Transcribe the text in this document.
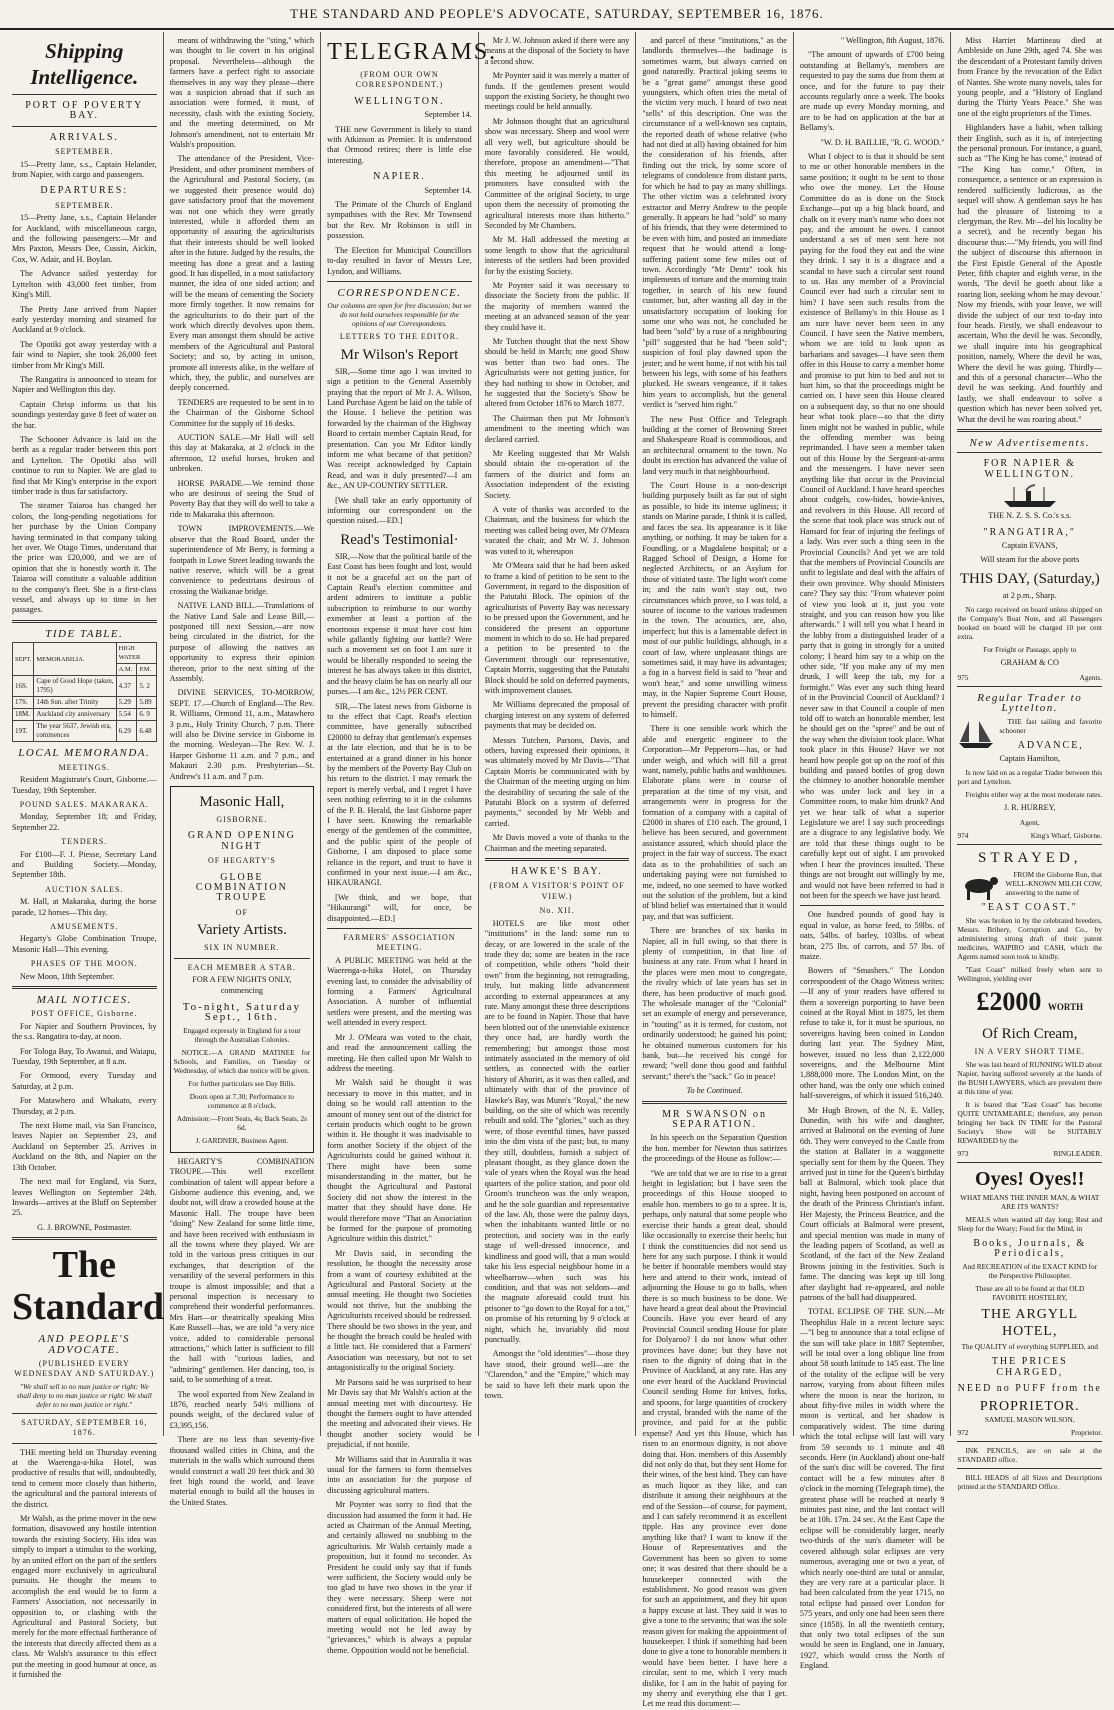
THE STANDARD AND PEOPLE'S ADVOCATE, SATURDAY, SEPTEMBER 16, 1876.
Shipping Intelligence.
PORT OF POVERTY BAY.
ARRIVALS.
SEPTEMBER.

15—Pretty Jane, s.s., Captain Helander, from Napier, with cargo and passengers.

DEPARTURES:
SEPTEMBER.

15—Pretty Jane, s.s., Captain Helander for Auckland, with miscellaneous cargo, and the following passengers:—Mr and Mrs Paxton, Messrs Dee, Cussin, Aickin, Cox, W. Adair, and H. Boylan.

The Advance sailed yesterday for Lyttelton with 43,000 feet timber, from King's Mill.

The Pretty Jane arrived from Napier early yesterday morning and steamed for Auckland at 9 o'clock.

The Opotiki got away yesterday with a fair wind to Napier, she took 26,000 feet timber from Mr King's Mill.

The Rangatira is announced to steam for Napier and Wellington this day.

Captain Chrisp informs us that his soundings yesterday gave 8 feet of water on the bar.

The Schooner Advance is laid on the berth as a regular trader between this port and Lyttelton. The Opotiki also will continue to run to Napier. We are glad to find that Mr King's enterprise in the export timber trade is thus far satisfactory.

The steamer Taiaroa has changed her colors, the long-pending negotiations for her purchase by the Union Company having terminated in that company taking her over. We Otago Times, understand that the price was £20,000, and we are of opinion that she is honestly worth it. The Taiaroa will constitute a valuable addition to the company's fleet. She is a first-class vessel, and always up to time in her passages.

TIDE TABLE.
SEPT.	MEMORABILIA.	HIGH WATER	
		A.M.	P.M.
16S.	Cape of Good Hope (taken, 1795)	4.37	5. 2
17S.	14th Sun. after Trinity	5.29	5.89
18M.	Auckland city anniversary	5.54	6. 9
19T.	The year 5637, Jewish era, commences	6.29	6.48
LOCAL MEMORANDA.
MEETINGS.

Resident Magistrate's Court, Gisborne.—Tuesday, 19th September.

POUND SALES. MAKARAKA.

Monday, September 18; and Friday, September 22.

TENDERS.

For £100—F. J. Piesse, Secretary Land and Building Society.—Monday, September 18th.

AUCTION SALES.

M. Hall, at Makaraka, during the horse parade, 12 horses—This day.

AMUSEMENTS.

Hegarty's Globe Combination Troupe, Masonic Hall—This evening.

PHASES OF THE MOON.

New Moon, 18th September.

MAIL NOTICES.
POST OFFICE, Gisborne.

For Napier and Southern Provinces, by the s.s. Rangatira to-day, at noon.

For Tologa Bay, To Awanui, and Waiapu, Tuesday, 19th September, at 8 a.m.

For Ormond, every Tuesday and Saturday, at 2 p.m.

For Matawhero and Whakato, every Thursday, at 2 p.m.

The next Home mail, via San Francisco, leaves Napier on September 23, and Auckland on September 25. Arrives in Auckland on the 8th, and Napier on the 13th October.

The next mail for England, via Suez, leaves Wellington on September 24th. Inwards—arrives at the Bluff on September 25.

G. J. BROWNE, Postmaster.

The Standard
AND PEOPLE'S ADVOCATE.
(PUBLISHED EVERY WEDNESDAY AND SATURDAY.)

"We shall sell to no man justice or right: We shall deny to no man justice or right: We shall defer to no man justice or right."

SATURDAY, SEPTEMBER 16, 1876.

THE meeting held on Thursday evening at the Waerenga-a-hika Hotel, was productive of results that will, undoubtedly, tend to cement more closely than hitherto, the agricultural and the pastoral interests of the district.

Mr Walsh, as the prime mover in the new formation, disavowed any hostile intention towards the existing Society. His idea was simply to impart a stimulus to the working, by an united effort on the part of the settlers engaged more exclusively in agricultural pursuits. He thought the means to accomplish the end would be to form a Farmers' Association, not necessarily in opposition to, or clashing with the Agricultural and Pastoral Society, but merely for the more effectual furtherance of the interests that directly affected them as a class. Mr Walsh's assurance to this effect put the meeting in good humour at once, as it furnished the

means of withdrawing the "sting," which was thought to lie covert in his original proposal. Nevertheless—although the farmers have a perfect right to associate themselves in any way they please—there was a suspicion abroad that if such an association were formed, it must, of necessity, clash with the existing Society, and the meeting determined, on Mr Johnson's amendment, not to entertain Mr Walsh's proposition.

The attendance of the President, Vice-President, and other prominent members of the Agricultural and Pastoral Society, (as we suggested their presence would do) gave satisfactory proof that the movement was not one which they were greatly interested, while it afforded them an opportunity of assuring the agriculturists that their interests should be well looked after in the future. Judged by the results, the meeting has done a great and a lasting good. It has dispelled, in a most satisfactory manner, the idea of one sided action; and will be the means of cementing the Society more firmly together. It now remains for the agriculturists to do their part of the work which directly devolves upon them. Every man amongst them should be active members of the Agricultural and Pastoral Society; and so, by acting in unison, promote all interests alike, in the welfare of which, they, the public, and ourselves are deeply concerned.

TENDERS are requested to be sent in to the Chairman of the Gisborne School Committee for the supply of 16 desks.

AUCTION SALE.—Mr Hall will sell this day at Makaraka, at 2 o'clock in the afternoon, 12 useful horses, broken and unbroken.

HORSE PARADE.—We remind those who are desirous of seeing the Stud of Poverty Bay that they will do well to take a ride to Makaraka this afternoon.

TOWN IMPROVEMENTS.—We observe that the Road Board, under the superintendence of Mr Berry, is forming a footpath in Lowe Street leading towards the native reserve, which will be a great convenience to pedestrians desirous of crossing the Waikanae bridge.

NATIVE LAND BILL.—Translations of the Native Land Sale and Lease Bill,—postponed till next Session,—are now being circulated in the district, for the purpose of allowing the natives an opportunity to express their opinion thereon, prior to the next sitting of the Assembly.

DIVINE SERVICES, TO-MORROW, SEPT. 17.—Church of England—The Rev. R. Williams, Ormond 11, a.m., Matawhero 3 p.m., Holy Trinity Church, 7 p.m. There will also be Divine service in Gisborne in the morning. Wesleyan—The Rev. W. J. Harper Gisborne 11 a.m. and 7 p.m., and Makauri 2.30 p.m. Presbyterian—St. Andrew's 11 a.m. and 7 p.m.

Masonic Hall,
GISBORNE.
GRAND OPENING NIGHT
OF HEGARTY'S
GLOBE COMBINATION TROUPE
OF
Variety Artists.
SIX IN NUMBER.
EACH MEMBER A STAR.

FOR A FEW NIGHTS ONLY, commencing

To-night, Saturday Sept., 16th.

Engaged expressly in England for a tour through the Australian Colonies.

NOTICE.—A GRAND MATINEE for Schools, and Families, on Tuesday or Wednesday, of which due notice will be given.

For further particulars see Day Bills.

Doors open at 7.30; Performance to commence at 8 o'clock.

Admission:—Front Seats, 4s; Back Seats, 2s 6d.

J. GARDNER, Business Agent.

HEGARTY'S COMBINATION TROUPE.—This well excellent combination of talent will appear before a Gisborne audience this evening, and, we doubt not, will draw a crowded house at the Masonic Hall. The troupe have been "doing" New Zealand for some little time, and have been received with enthusiasm in all the towns where they played. We are told in the various press critiques in our exchanges, that description of the versatility of the several performers in this troupe is almost impossible; and that a personal inspection is necessary to comprehend their wonderful performances. Mrs Hart—or theatrically speaking Miss Kate Russell—has, we are told "a very nice voice, added to considerable personal attractions," which latter is sufficient to fill the hall with "curious ladies, and "admiring" gentlemen. Her dancing, too, is said, to be something of a treat.

The wool exported from New Zealand in 1876, reached nearly 54½ millions of pounds weight, of the declared value of £3,395,156.

There are no less than seventy-five thousand walled cities in China, and the materials in the walls which surround them would construct a wall 20 feet thick and 30 feet high round the world, and leave material enough to build all the houses in the United States.

TELEGRAMS.
(FROM OUR OWN CORRESPONDENT.)
WELLINGTON.

September 14.

THE new Government is likely to stand with Atkinson as Premier. It is understood that Ormond retires; there is little else interesting.

NAPIER.

September 14.

The Primate of the Church of England sympathises with the Rev. Mr Townsend but the Rev. Mr Robinson is still in possession.

The Election for Municipal Councillors to-day resulted in favor of Messrs Lee, Lyndon, and Williams.

CORRESPONDENCE.

Our columns are open for free discussion; but we do not hold ourselves responsible for the opinions of our Correspondents.

LETTERS TO THE EDITOR.
Mr Wilson's Report

SIR,—Some time ago I was invited to sign a petition to the General Assembly praying that the report of Mr J. A. Wilson, Land Purchase Agent be laid on the table of the House. I believe the petition was forwarded by the chairman of the Highway Board to certain member Captain Read, for presentation. Can you Mr Editor kindly inform me what became of that petition? Was receipt acknowledged by Captain Read, and was it duly presented?—I am &c., AN UP-COUNTRY SETTLER.

[We shall take an early opportunity of informing our correspondent on the question raised.—ED.]

Read's Testimonial·

SIR,—Now that the political battle of the East Coast has been fought and lost, would it not be a graceful act on the part of Captain Read's election committee and ardent admirers to institute a public subscription to reimburse to our worthy exmember at least a portion of the enormous expense it must have cost him while gallantly fighting our battle? Were such a movement set on foot I am sure it would be liberally responded to seeing the interest he has always taken in this district, and the heavy claim he has on nearly all our purses.—I am &c., 12½ PER CENT.

SIR,—The latest news from Gisborne is to the effect that Capt. Read's election committee, have generally subscribed £20000 to defray that gentleman's expenses at the late election, and that he is to be entertained at a grand dinner in his honor by the members of the Poverty Bay Club on his return to the district. I may remark the report is merely verbal, and I regret I have seen nothing referring to it in the columns of the P. B. Herald, the last Gisborne paper I have seen. Knowing the remarkable energy of the gentlemen of the committee, and the public spirit of the people of Gisborne, I am disposed to place some reliance in the report, and trust to have it confirmed in your next issue.—I am &c., HIKAURANGI.

[We think, and we hope, that "Hikaurangi" will, for once, be disappointed.—ED.]

FARMERS' ASSOCIATION MEETING.

A PUBLIC MEETING was held at the Waerenga-a-hika Hotel, on Thursday evening last, to consider the advisability of forming a Farmers' Agricultural Association. A number of influential settlers were present, and the meeting was well attended in every respect.

Mr J. O'Meara was voted to the chair, and read the announcement calling the meeting. He then called upon Mr Walsh to address the meeting.

Mr Walsh said he thought it was necessary to move in this matter, and in doing so he would call attention to the amount of money sent out of the district for certain products which ought to be grown within it. He thought it was inadvisable to form another Society if the object of the Agriculturists could be gained without it. There might have been some misunderstanding in the matter, but he thought the Agricultural and Pastoral Society did not show the interest in the matter that they should have done. He would therefore move "That an Association be formed for the purpose of promoting Agriculture within this district."

Mr Davis said, in seconding the resolution, he thought the necessity arose from a want of courtesy exhibited at the Agricultural and Pastoral Society at the annual meeting. He thought two Societies would not thrive, but the snubbing the Agriculturists received should be redressed. There should be two shows in the year, and he thought the breach could be healed with a little tact. He considered that a Farmers' Association was necessary, but not to set antagonistically to the original Society.

Mr Parsons said he was surprised to hear Mr Davis say that Mr Walsh's action at the annual meeting met with discourtesy. He thought the farmers ought to have attended the meeting and advocated their views. He thought another society would be prejudicial, if not hostile.

Mr Williams said that in Australia it was usual for the farmers to form themselves into an association for the purpose of discussing agricultural matters.

Mr Poynter was sorry to find that the discussion had assumed the form it had. He acted as Chairman of the Annual Meeting, and certainly allowed no snubbing to the agriculturists. Mr Walsh certainly made a proposition, but it found no seconder. As President he could only say that if funds were sufficient, the Society would only be too glad to have two shows in the year if they were necessary. Sheep were not considered first, but the interests of all were matters of equal solicitation. He hoped the meeting would not be led away by "grievances," which is always a popular theme. Opposition would not be beneficial.

Mr J. W. Johnson asked if there were any means at the disposal of the Society to have a second show.

Mr Poynter said it was merely a matter of funds. If the gentlemen present would support the existing Society, he thought two meetings could be held annually.

Mr Johnson thought that an agricultural show was necessary. Sheep and wool were all very well, but agriculture should be more favorably considered. He would, therefore, propose an amendment—"That this meeting be adjourned until its promoters have consulted with the Committee of the original Society, to urge upon them the necessity of promoting the agricultural interests more than hitherto." Seconded by Mr Chambers.

Mr M. Hall addressed the meeting at some length to show that the agricultural interests of the settlers had been provided for by the existing Society.

Mr Poynter said it was necessary to dissociate the Society from the public. If the majority of members wanted the meeting at an advanced season of the year they could have it.

Mr Tutchen thought that the next Show should be held in March; one good Show was better than two bad ones. The Agriculturists were not getting justice, for they had nothing to show in October, and he suggested that the Society's Show be altered from October 1876 to March 1877.

The Chairman then put Mr Johnson's amendment to the meeting which was declared carried.

Mr Keeling suggested that Mr Walsh should obtain the co-operation of the farmers of the district and form an Association independent of the existing Society.

A vote of thanks was accorded to the Chairman, and the business for which the meeting was called being over, Mr O'Meara vacated the chair, and Mr W. J. Johnson was voted to it, whereupon

Mr O'Meara said that he had been asked to frame a kind of petition to be sent to the Government, in regard to the disposition of the Patutahi Block. The opinion of the agriculturists of Poverty Bay was necessary to be pressed upon the Government, and he considered the present an opportune moment in which to do so. He had prepared a petition to be presented to the Government through our representative, Captain Morris, suggesting that the Patutahi Block should be sold on deferred payments, with improvement clauses.

Mr Williams deprecated the proposal of charging interest on any system of deferred payments that may be decided on.

Messrs Tutchen, Parsons, Davis, and others, having expressed their opinions, it was ultimately moved by Mr Davis—"That Captain Morris be communicated with by the Chairman of the meeting urging on him the desirability of securing the sale of the Patutahi Block on a system of deferred payments," seconded by Mr Webb and carried.

Mr Davis moved a vote of thanks to the Chairman and the meeting separated.

HAWKE'S BAY.
(FROM A VISITOR'S POINT OF VIEW.)
No. XII.

HOTELS are like most other "institutions" in the land: some run to decay, or are lowered in the scale of the trade they do; some are beaten in the race of competition, while others "hold their own" from the beginning, not retrograding, truly, but making little advancement according to external appearances at any rate. Many amongst these three descriptions are to be found in Napier. Those that have been blotted out of the unenviable existence they once had, are hardly worth the remembering; but amongst those most intimately associated in the memory of old settlers, as connected with the earlier history of Ahuriri, as it was then called, and ultimately with that of the province of Hawke's Bay, was Munn's "Royal," the new building, on the site of which was recently rebuilt and sold. The "glories," such as they were, of those eventful times, have passed into the dim vista of the past; but, to many they still, doubtless, furnish a subject of pleasant thought, as they glance down the vale of years when the Royal was the head quarters of the police station, and poor old Groom's truncheon was the only weapon, and he the sole guardian and representative of the law. Ah, those were the palmy days, when the inhabitants wanted little or no protection, and society was in the early stage of well-dressed innocence, and kindliness and good will, that a man would take his less especial neighbour home in a wheelbarrow—when such was his condition, and that was not seldom—and the magnate aforesaid could trust his prisoner to "go down to the Royal for a tot," on promise of his returning by 9 o'clock at night, which he, invariably did most punctually.

Amongst the "old identities"—those they have stood, their ground well—are the "Clarendon," and the "Empire," which may be said to have left their mark upon the town.

and parcel of these "institutions," as the landlords themselves—the badinage is sometimes warm, but always carried on good naturedly. Practical joking seems to be a "great game" amongst these good youngsters, which often tries the metal of the victim very much. I heard of two neat "sells" of this description. One was the circumstance of a well-known sea captain, the reported death of whose relative (who had not died at all) having obtained for him the consideration of his friends, after finding out the trick, by some score of telegrams of condolence from distant parts, for which he had to pay as many shillings. The other victim was a celebrated ivory extractor and Merry Andrew to the people generally. It appears he had "sold" so many of his friends, that they were determined to be even with him, and posted an immediate request that he would attend a long-suffering patient some few miles out of town. Accordingly "Mr Dentz" took his implements of torture and the morning train together, in search of his new found customer, but, after wasting all day in the unsatisfactory occupation of looking for some one who was not, he concluded he had been "sold" by a ruse of a neighbouring "pill" suggested that he had "been sold"; suspicion of foul play dawned upon the jester; and he went home, if not with his tail between his legs, with some of his feathers plucked. He swears vengeance, if it takes him years to accomplish, but the general verdict is "served him right."

The new Post Office and Telegraph building at the corner of Browning Street and Shakespeare Road is commodious, and an architectural ornament to the town. No doubt its erection has advanced the value of land very much in that neighbourhood.

The Court House is a non-descript building purposely built as far out of sight as possible, to hide its intense ugliness; it stands on Marine parade, I think it is called, and faces the sea. Its appearance is it like anything, or nothing. It may be taken for a Foundling, or a Magdalene hospital; or a Ragged School of Design, a Home for neglected Architects, or an Asylum for those of vitiated taste. The light won't come in; and the rain won't stay out, two circumstances which prove, so I was told, a source of income to the various tradesmen in the town. The acoustics, are, also, imperfect; but this is a lamentable defect in most of our public buildings, although, in a court of law, where unpleasant things are sometimes said, it may have its advantages; a fog in a harvest field is said to "hear and won't hear," and some unwilling witness may, in the Napier Supreme Court House, prevent the presiding character with profit to himself.

There is one sensible work which the able and energetic engineer to the Corporation—Mr Pepperorn—has, or had under weigh, and which will fill a great want, namely, public baths and washhouses. Elaborate plans were in course of preparation at the time of my visit, and arrangements were in progress for the formation of a company with a capital of £2000 in shares of £10 each. The ground, I believe has been secured, and government assistance assured, which should place the project in the fair way of success. The exact data as to the probabilities of such an undertaking paying were not furnished to me, indeed, no one seemed to have worked out the solution of the problem, but a kind of blind belief was entertained that it would pay, and that was sufficient.

There are branches of six banks in Napier, all in full swing, so that there is plenty of competition, in that line of business at any rate. From what I heard in the places were men most to congregate, the rivalry which of late years has set in there, has been productive of much good. The wholesale manager of the "Colonial" set an example of energy and perseverance, in "touting" as it is termed, for custom, not ordinarily understood; he gained his point; he obtained numerous customers for his bank, but—he received his congé for reward; "well done thou good and faithful servant;" there's the "sack." Go in peace!

To be Continued.

MR SWANSON on SEPARATION.

In his speech on the Separation Question the hon. member for Newton thus satirizes the proceedings of the House as follow:—

"We are told that we are to rise to a great height in legislation; but I have seen the proceedings of this House stooped to enable hon. members to go to a spree. It is, perhaps, only natural that some people who exercise their hands a great deal, should like occasionally to exercise their heels; but I think the constituencies did not send us here for any such purpose. I think it would be better if honorable members would stay here and attend to their work, instead of adjourning the House to go to balls, when there is so much business to be done. We have heard a great deal about the Provincial Councils. Have you ever heard of any Provincial Council sending House for plate for Dolyaroo? I do not know what other provinces have done; but they have not risen to the dignity of doing that in the Province of Auckland, at any rate. Has any one ever heard of the Auckland Provincial Council sending Home for knives, forks, and spoons, for large quantities of crockery and crystal, branded with the name of the province, and paid for at the public expense? And yet this House, which has risen to an enormous dignity, is not above doing that. Hon. members of this Assembly did not only do that, but they sent Home for their wines, of the best kind. They can have as much liquor as they like, and can distribute it among their neighbours at the end of the Session—of course, for payment, and I can safely recommend it as excellent tipple. Has any province ever done anything like that? I want to know if the House of Representatives and the Government has been so given to some one; it was desired that there should be a housekeeper connected with the establishment. No good reason was given for such an appointment, and they hit upon a happy excuse at last. They said it was to give a tone to the servants; that was the sole reason given for making the appointment of housekeeper. I think if something had been done to give a tone to honorable members it would have been better. I have here a circular, sent to me, which I very much dislike, for I am in the habit of paying for my sherry and everything else that I get. Let me read this document:—

" Wellington, 8th August, 1876.

"The amount of upwards of £700 being outstanding at Bellamy's, members are requested to pay the sums due from them at once, and for the future to pay their accounts regularly once a week. The books are made up every Monday morning, and are to be had on application at the bar at Bellamy's.

"W. D. H. BAILLIE, "R. G. WOOD."

What I object to is that it should be sent to me or other honorable members in the same position; it ought to be sent to those who owe the money. Let the House Committee do as is done on the Stock Exchange—put up a big black board, and chalk on it every man's name who does not pay, and the amount he owes. I cannot understand a set of men sent here not paying for the food they eat and the wine they drink. I say it is a disgrace and a scandal to have such a circular sent round to us. Has any member of a Provincial Council ever had such a circular sent to him? I have seen such results from the existence of Bellamy's in this House as I am sure have never been seen in any Council. I have seen the Native members, whom we are told to look upon as barbarians and savages—I have seen them offer in this House to carry a member home and promise to put him to bed and not to hurt him, so that the proceedings might be carried on. I have seen this House cleared on a subsequent day, so that no one should hear what took place—so that the dirty linen might not be washed in public, while the offending member was being reprimanded. I have seen a member taken out of this House by the Sergeant-at-arms and the messengers. I have never seen anything like that occur in the Provincial Council of Auckland. I have heard speeches about cudgels, cow-hides, bowie-knives, and revolvers in this House. All record of the scene that took place was struck out of Hansard for fear of injuring the feelings of a lady. Was ever such a thing seen in the Provincial Councils? And yet we are told that the members of Provincial Councils are unfit to legislate and deal with the affairs of their own province. Why should Ministers care? They say this: "From whatever point of view you look at it, just you vote straight, and you can reason how you like afterwards." I will tell you what I heard in the lobby from a distinguished leader of a party that is going in strongly for a united colony; I heard him say to a whip on the other side, "If you make any of my men drunk, I will keep the tab, my for a fortnight." Was ever any such thing heard of in the Provincial Council of Auckland? I never saw in that Council a couple of men told off to watch an honorable member, lest he should get on the "spree" and be out of the way when the division took place. What took place in this House? Have we not heard how people got up on the roof of this building and passed bottles of grog down the chimney to another honorable member who was under lock and key in a Committee room, to make him drunk? And yet we hear talk of what a superior Legislature we are! I say such proceedings are a disgrace to any legislative body. We are told that these things ought to be carefully kept out of sight. I am provoked when I hear the provinces insulted. These things are not brought out willingly by me, and would not have been referred to had it not been for the speech we have just heard.

One hundred pounds of good hay is equal in value, as horse feed, to 59lbs. of oats, 54lbs. of barley, 103lbs. of wheat bran, 275 lbs. of carrots, and 57 lbs. of maize.

Bowers of "Smashers." The London correspondent of the Otago Witness writes:—If any of your readers have offered to them a sovereign purporting to have been coined at the Royal Mint in 1875, let them refuse to take it, for it must be spurious, no sovereigns having been coined in London during last year. The Sydney Mint, however, issued no less than 2,122,000 sovereigns, and the Melbourne Mint 1,888,000 more. The London Mint, on the other hand, was the only one which coined half-sovereigns, of which it issued 516,240.

Mr Hugh Brown, of the N. E. Valley, Dunedin, with his wife and daughter, arrived at Balmoral on the evening of June 6th. They were conveyed to the Castle from the station at Ballater in a waggonette specially sent for them by the Queen. They arrived just in time for the Queen's birthday ball at Balmoral, which took place that night, having been postponed on account of the death of the Princess Christian's infant. Her Majesty, the Princess Beatrice, and the Court officials at Balmoral were present, and special mention was made in many of the leading papers of Scotland, as well as Scotland, of the fact of the New Zealand Browns joining in the festivities. Such is fame. The dancing was kept up till long after daylight had re-appeared, and noble patrons of the ball had disappeared.

TOTAL ECLIPSE OF THE SUN.—Mr Theophilus Hale in a recent lecture says:—"I beg to announce that a total eclipse of the sun will take place in 1887 September, will be total over a long oblique line from about 58 south latitude to 145 east. The line of the totality of the eclipse will be very narrow, varying from about fifteen miles where the moon is near the horizon, to about fifty-five miles in width where the moon is vertical, and her shadow is comparatively widest. The time during which the total eclipse will last will vary from 59 seconds to 1 minute and 48 seconds. Here (in Auckland) about one-half of the sun's disc will be covered. The first contact will be a few minutes after 8 o'clock in the morning (Telegraph time), the greatest phase will be reached at nearly 9 minutes past nine, and the last contact will be at 10h. 17m. 24 sec. At the East Cape the eclipse will be considerably larger, nearly two-thirds of the sun's diameter will be covered although solar eclipses are very numerous, averaging one or two a year, of which nearly one-third are total or annular, they are very rare at a particular place. It had been calculated from the year 1715, no total eclipse had passed over London for 575 years, and only one had been seen there since (1858). In all the twentieth century, that only two total eclipses of the sun would be seen in England, one in January, 1927, which would cross the North of England.

Miss Harriet Martineau died at Ambleside on June 29th, aged 74. She was the descendant of a Protestant family driven from France by the revocation of the Edict of Nantes. She wrote many novels, tales for young people, and a "History of England during the Thirty Years Peace." She was one of the eight proprietors of the Times.

Highlanders have a habit, when talking their English, such as it is, of interjecting the personal pronoun. For instance, a guard, such as "The King he has come," instead of "The King has come." Often, in consequence, a sentence or an expression is rendered sufficiently ludicrous, as the sequel will show. A gentleman says he has had the pleasure of listening to a clergyman, the Rev. Mr—del his locality be a secret), and he recently began his discourse thus:—"My friends, you will find the subject of discourse this afternoon in the First Epistle General of the Apostle Peter, fifth chapter and eighth verse, in the words, 'The devil he goeth about like a roaring lion, seeking whom he may devour.' Now my friends, with your leave, we will divide the subject of our text to-day into four heads. Firstly, we shall endeavour to ascertain, Who the devil he was. Secondly, we shall inquire into his geographical position, namely, Where the devil he was, Where the devil he was going. Thirdly—and this of a personal character—Who the devil he was seeking. And fourthly and lastly, we shall endeavour to solve a question which has never been solved yet, What the devil he was roaring about."

New Advertisements.
FOR NAPIER & WELLINGTON.

THE N. Z. S. S. Co.'s s.s.

"RANGATIRA,"

Captain EVANS,

Will steam for the above ports

THIS DAY, (Saturday,)

at 2 p.m., Sharp.

No cargo received on board unless shipped on the Company's Boat Note, and all Passengers booked on board will be charged 10 per cent extra.

For Freight or Passage, apply to

GRAHAM & CO

975	Agents.

Regular Trader to Lyttelton.

THE fast sailing and favorite schooner

ADVANCE,

Captain Hamilton,

Is now laid on as a regular Trader between this port and Lyttelton.

Freights either way at the most moderate rates.

J. R. HURREY,

Agent,

974	King's Wharf, Gisborne.

STRAYED,

FROM the Gisborne Run, that WELL-KNOWN MILCH COW, answering to the name of

"EAST COAST."

She was broken in by the celebrated breeders, Messrs. Bribery, Corruption and Co., by administering strong draft of their patent medicines, WAIPIRO and CASH, which the Agents named soon took to kindly.

"East Coast" milked freely when sent to Wellington, yielding over

£2000 WORTH
Of Rich Cream,
IN A VERY SHORT TIME.

She was last heard of RUNNING WILD about Napier, having suffered severely at the hands of the BUSH LAWYERS, which are prevalent there at this time of year.

It is feared that "East Coast" has become QUITE UNTAMEABLE; therefore, any person bringing her back IN TIME for the Pastoral Society's Show will be SUITABLY REWARDED by the

973	RINGLEADER.

Oyes! Oyes!!

WHAT MEANS THE INNER MAN, & WHAT ARE ITS WANTS?

MEALS when wanted all day long; Rest and Sleep for the Weary; Food for the Mind, in

Books, Journals, & Periodicals,

And RECREATION of the EXACT KIND for the Perspective Philosopher.

These are all to be found at that OLD FAVORITE HOSTELRY,

THE ARGYLL HOTEL,

The QUALITY of everything SUPPLIED, and

THE PRICES CHARGED,
NEED no PUFF from the
PROPRIETOR.

SAMUEL MASON WILSON,

972	Proprietor.

INK PENCILS, are on sale at the STANDARD office.

BILL HEADS of all Sizes and Descriptions printed at the STANDARD Office.
